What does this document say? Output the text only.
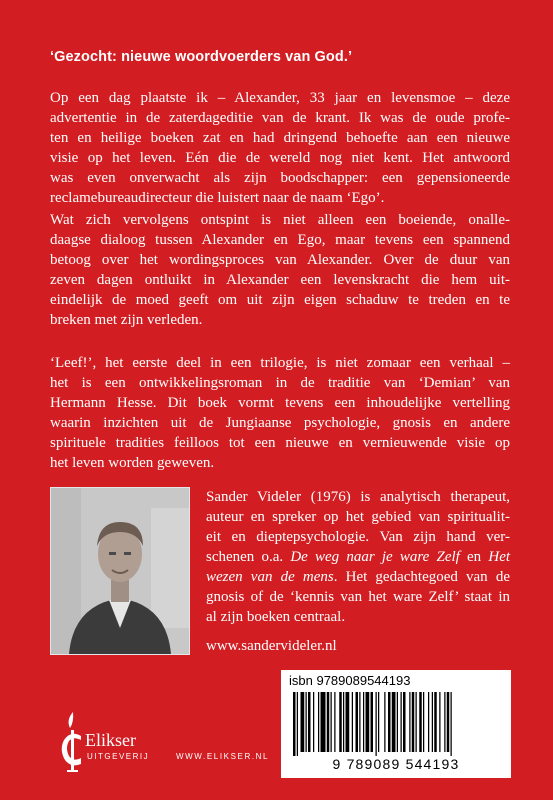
‘Gezocht: nieuwe woordvoerders van God.’

Op een dag plaatste ik – Alexander, 33 jaar en levensmoe – deze
advertentie in de zaterdageditie van de krant. Ik was de oude profe-
ten en heilige boeken zat en had dringend behoefte aan een nieuwe
visie op het leven. Eén die de wereld nog niet kent. Het antwoord
was even onverwacht als zijn boodschapper: een gepensioneerde
reclamebureaudirecteur die luistert naar de naam ‘Ego’.

Wat zich vervolgens ontspint is niet alleen een boeiende, onalle-
daagse dialoog tussen Alexander en Ego, maar tevens een spannend
betoog over het wordingsproces van Alexander. Over de duur van
zeven dagen ontluikt in Alexander een levenskracht die hem uit-
eindelijk de moed geeft om uit zijn eigen schaduw te treden en te
breken met zijn verleden.

‘Leef!’, het eerste deel in een trilogie, is niet zomaar een verhaal –
het is een ontwikkelingsroman in de traditie van ‘Demian’ van
Hermann Hesse. Dit boek vormt tevens een inhoudelijke vertelling
waarin inzichten uit de Jungiaanse psychologie, gnosis en andere
spirituele tradities feilloos tot een nieuwe en vernieuwende visie op
het leven worden geweven.

Sander Videler (1976) is analytisch therapeut,
auteur en spreker op het gebied van spiritualit-
eit en dieptepsychologie. Van zijn hand ver-
schenen o.a. De weg naar je ware Zelf en Het
wezen van de mens. Het gedachtegoed van de
gnosis of de ‘kennis van het ware Zelf’ staat in
al zijn boeken centraal.

www.sandervideler.nl
isbn 9789089544193
9 789089 544193
Elikser
UITGEVERIJ	WWW.ELIKSER.NL
